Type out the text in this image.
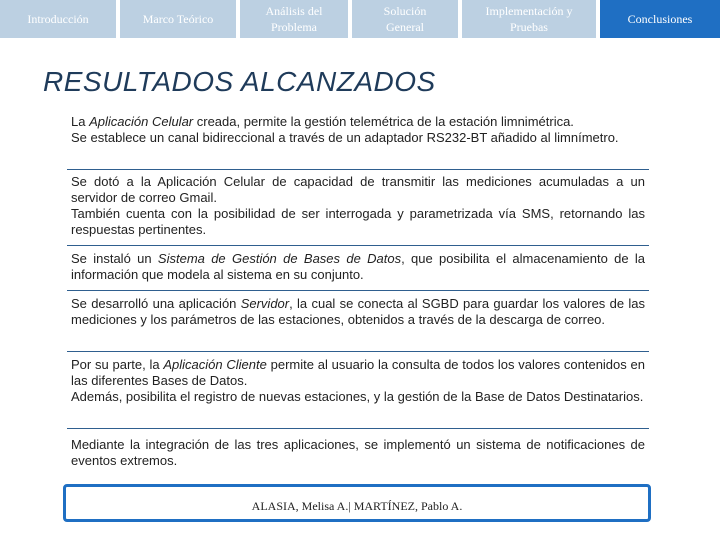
Introducción	Marco Teórico
Análisis del
Problema
Solución
General
Implementación y
Pruebas
Conclusiones
RESULTADOS ALCANZADOS

La Aplicación Celular creada, permite la gestión telemétrica de la estación limnimétrica.

Se establece un canal bidireccional a través de un adaptador RS232-BT añadido al limnímetro.

Se dotó a la Aplicación Celular de capacidad de transmitir las mediciones acumuladas a un servidor de correo Gmail.

También cuenta con la posibilidad de ser interrogada y parametrizada vía SMS, retornando las respuestas pertinentes.

Se instaló un Sistema de Gestión de Bases de Datos, que posibilita el almacenamiento de la información que modela al sistema en su conjunto.

Se desarrolló una aplicación Servidor, la cual se conecta al SGBD para guardar los valores de las mediciones y los parámetros de las estaciones, obtenidos a través de la descarga de correo.

Por su parte, la Aplicación Cliente permite al usuario la consulta de todos los valores contenidos en las diferentes Bases de Datos.

Además, posibilita el registro de nuevas estaciones, y la gestión de la Base de Datos Destinatarios.

Mediante la integración de las tres aplicaciones, se implementó un sistema de notificaciones de eventos extremos.

ALASIA, Melisa A.| MARTÍNEZ, Pablo A.
